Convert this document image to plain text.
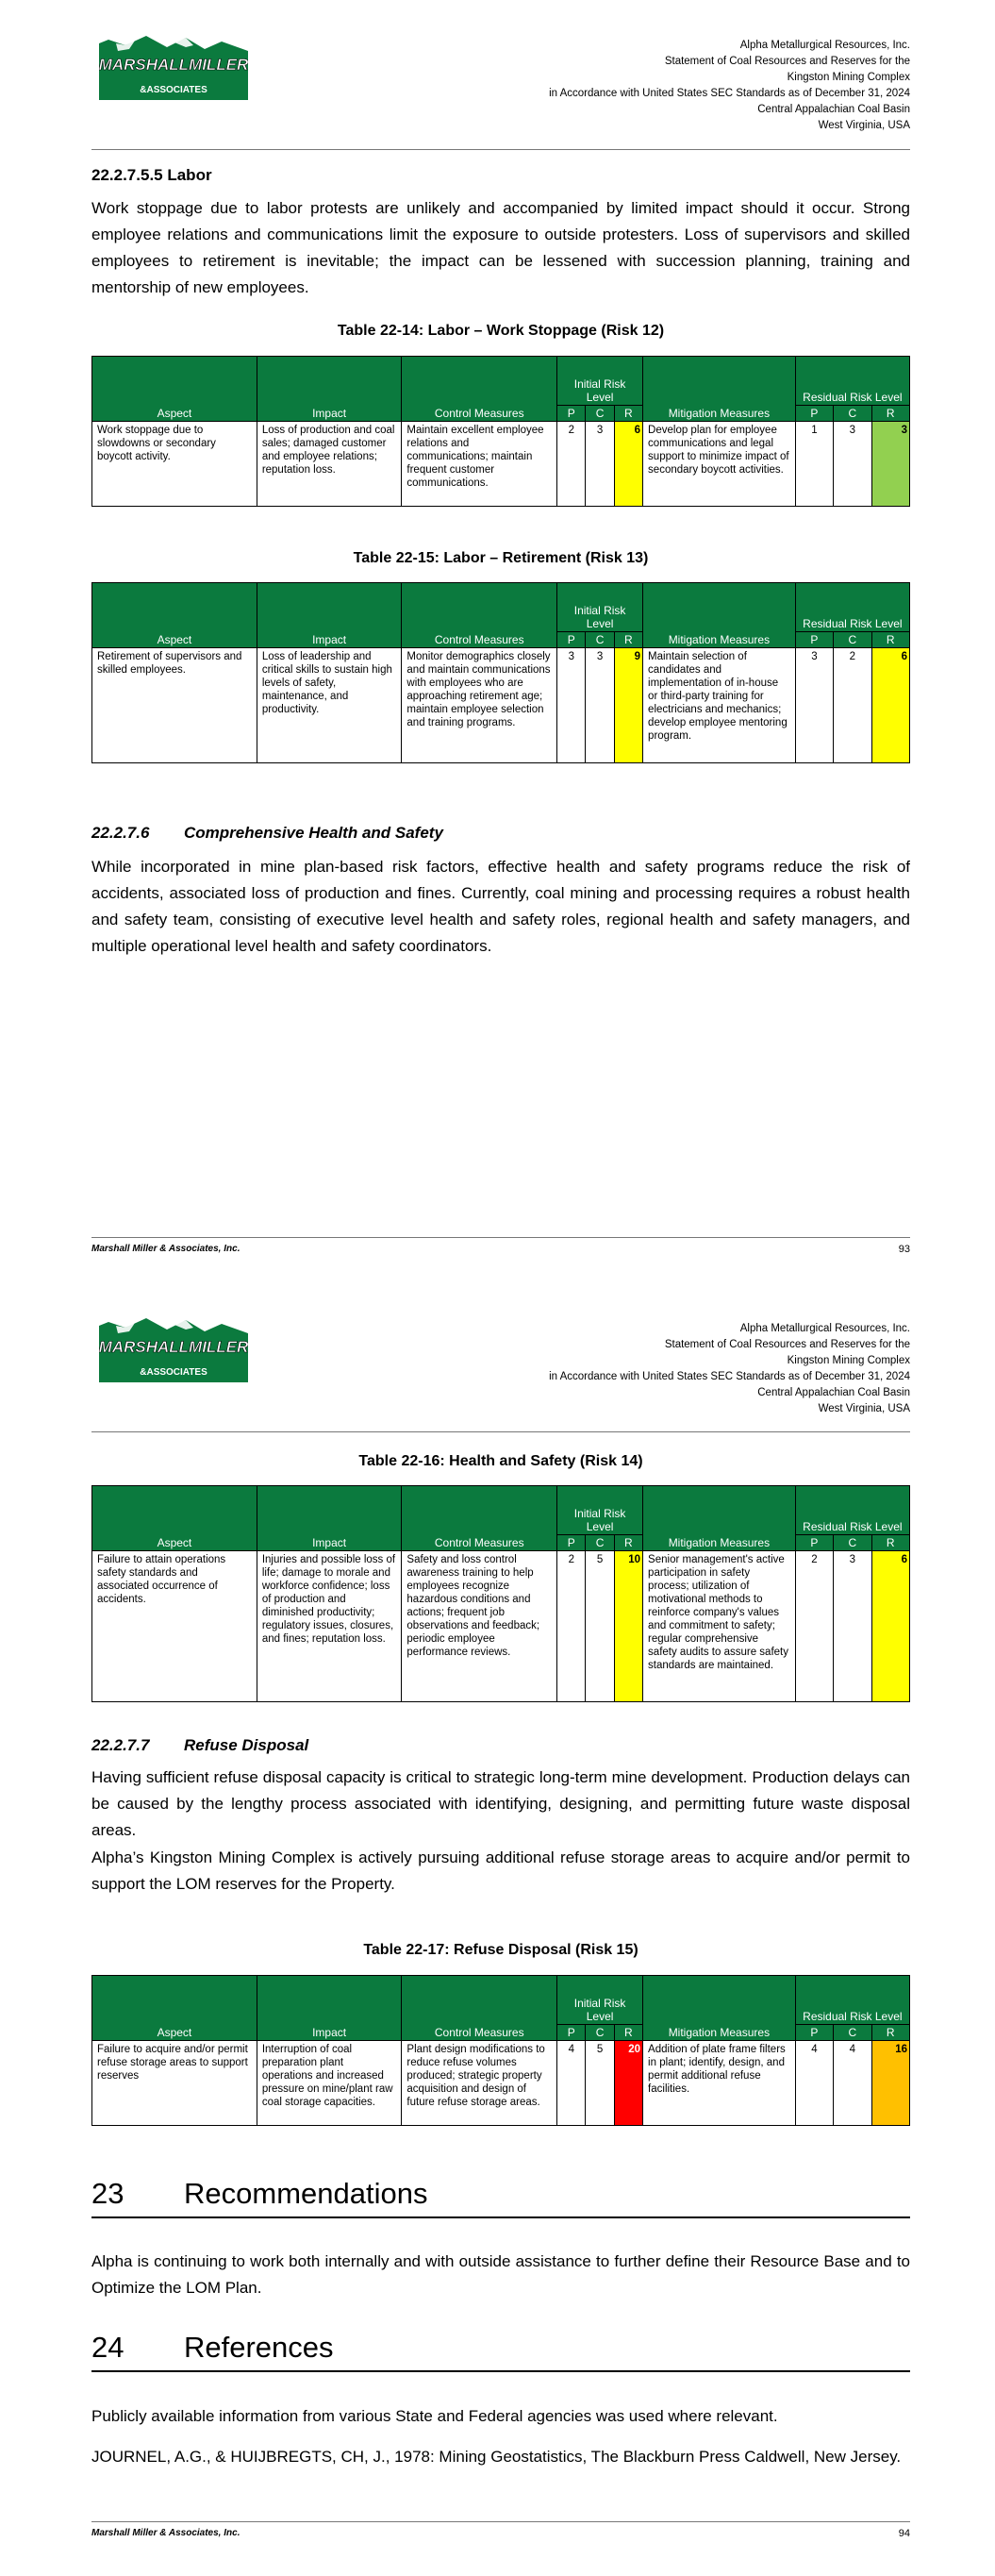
MARSHALLMILLER
&ASSOCIATES
Alpha Metallurgical Resources, Inc.
Statement of Coal Resources and Reserves for the
Kingston Mining Complex
in Accordance with United States SEC Standards as of December 31, 2024
Central Appalachian Coal Basin
West Virginia, USA
22.2.7.5.5 Labor
Work stoppage due to labor protests are unlikely and accompanied by limited impact should it occur. Strong employee relations and communications limit the exposure to outside protesters. Loss of supervisors and skilled employees to retirement is inevitable; the impact can be lessened with succession planning, training and mentorship of new employees.
Table 22-14: Labor – Work Stoppage (Risk 12)
Aspect	Impact	Control Measures	Initial Risk Level			Mitigation Measures	Residual Risk Level		
			P	C	R		P	C	R
Work stoppage due to slowdowns or secondary boycott activity.	Loss of production and coal sales; damaged customer and employee relations; reputation loss.	Maintain excellent employee relations and communications; maintain frequent customer communications.	2	3	6	Develop plan for employee communications and legal support to minimize impact of secondary boycott activities.	1	3	3
Table 22-15: Labor – Retirement (Risk 13)
Aspect	Impact	Control Measures	Initial Risk Level			Mitigation Measures	Residual Risk Level		
			P	C	R		P	C	R
Retirement of supervisors and skilled employees.	Loss of leadership and critical skills to sustain high levels of safety, maintenance, and productivity.	Monitor demographics closely and maintain communications with employees who are approaching retirement age; maintain employee selection and training programs.	3	3	9	Maintain selection of candidates and implementation of in-house or third-party training for electricians and mechanics; develop employee mentoring program.	3	2	6
22.2.7.6 Comprehensive Health and Safety
While incorporated in mine plan-based risk factors, effective health and safety programs reduce the risk of accidents, associated loss of production and fines. Currently, coal mining and processing requires a robust health and safety team, consisting of executive level health and safety roles, regional health and safety managers, and multiple operational level health and safety coordinators.
Marshall Miller & Associates, Inc.	93
MARSHALLMILLER
&ASSOCIATES
Alpha Metallurgical Resources, Inc.
Statement of Coal Resources and Reserves for the
Kingston Mining Complex
in Accordance with United States SEC Standards as of December 31, 2024
Central Appalachian Coal Basin
West Virginia, USA
Table 22-16: Health and Safety (Risk 14)
Aspect	Impact	Control Measures	Initial Risk Level			Mitigation Measures	Residual Risk Level		
			P	C	R		P	C	R
Failure to attain operations safety standards and associated occurrence of accidents.	Injuries and possible loss of life; damage to morale and workforce confidence; loss of production and diminished productivity; regulatory issues, closures, and fines; reputation loss.	Safety and loss control awareness training to help employees recognize hazardous conditions and actions; frequent job observations and feedback; periodic employee performance reviews.	2	5	10	Senior management's active participation in safety process; utilization of motivational methods to reinforce company's values and commitment to safety; regular comprehensive safety audits to assure safety standards are maintained.	2	3	6
22.2.7.7 Refuse Disposal
Having sufficient refuse disposal capacity is critical to strategic long-term mine development. Production delays can be caused by the lengthy process associated with identifying, designing, and permitting future waste disposal areas.
Alpha’s Kingston Mining Complex is actively pursuing additional refuse storage areas to acquire and/or permit to support the LOM reserves for the Property.
Table 22-17: Refuse Disposal (Risk 15)
Aspect	Impact	Control Measures	Initial Risk Level			Mitigation Measures	Residual Risk Level		
			P	C	R		P	C	R
Failure to acquire and/or permit refuse storage areas to support reserves	Interruption of coal preparation plant operations and increased pressure on mine/plant raw coal storage capacities.	Plant design modifications to reduce refuse volumes produced; strategic property acquisition and design of future refuse storage areas.	4	5	20	Addition of plate frame filters in plant; identify, design, and permit additional refuse facilities.	4	4	16
23 Recommendations
Alpha is continuing to work both internally and with outside assistance to further define their Resource Base and to Optimize the LOM Plan.
24 References
Publicly available information from various State and Federal agencies was used where relevant.
JOURNEL, A.G., & HUIJBREGTS, CH, J., 1978: Mining Geostatistics, The Blackburn Press Caldwell, New Jersey.
Marshall Miller & Associates, Inc.	94
